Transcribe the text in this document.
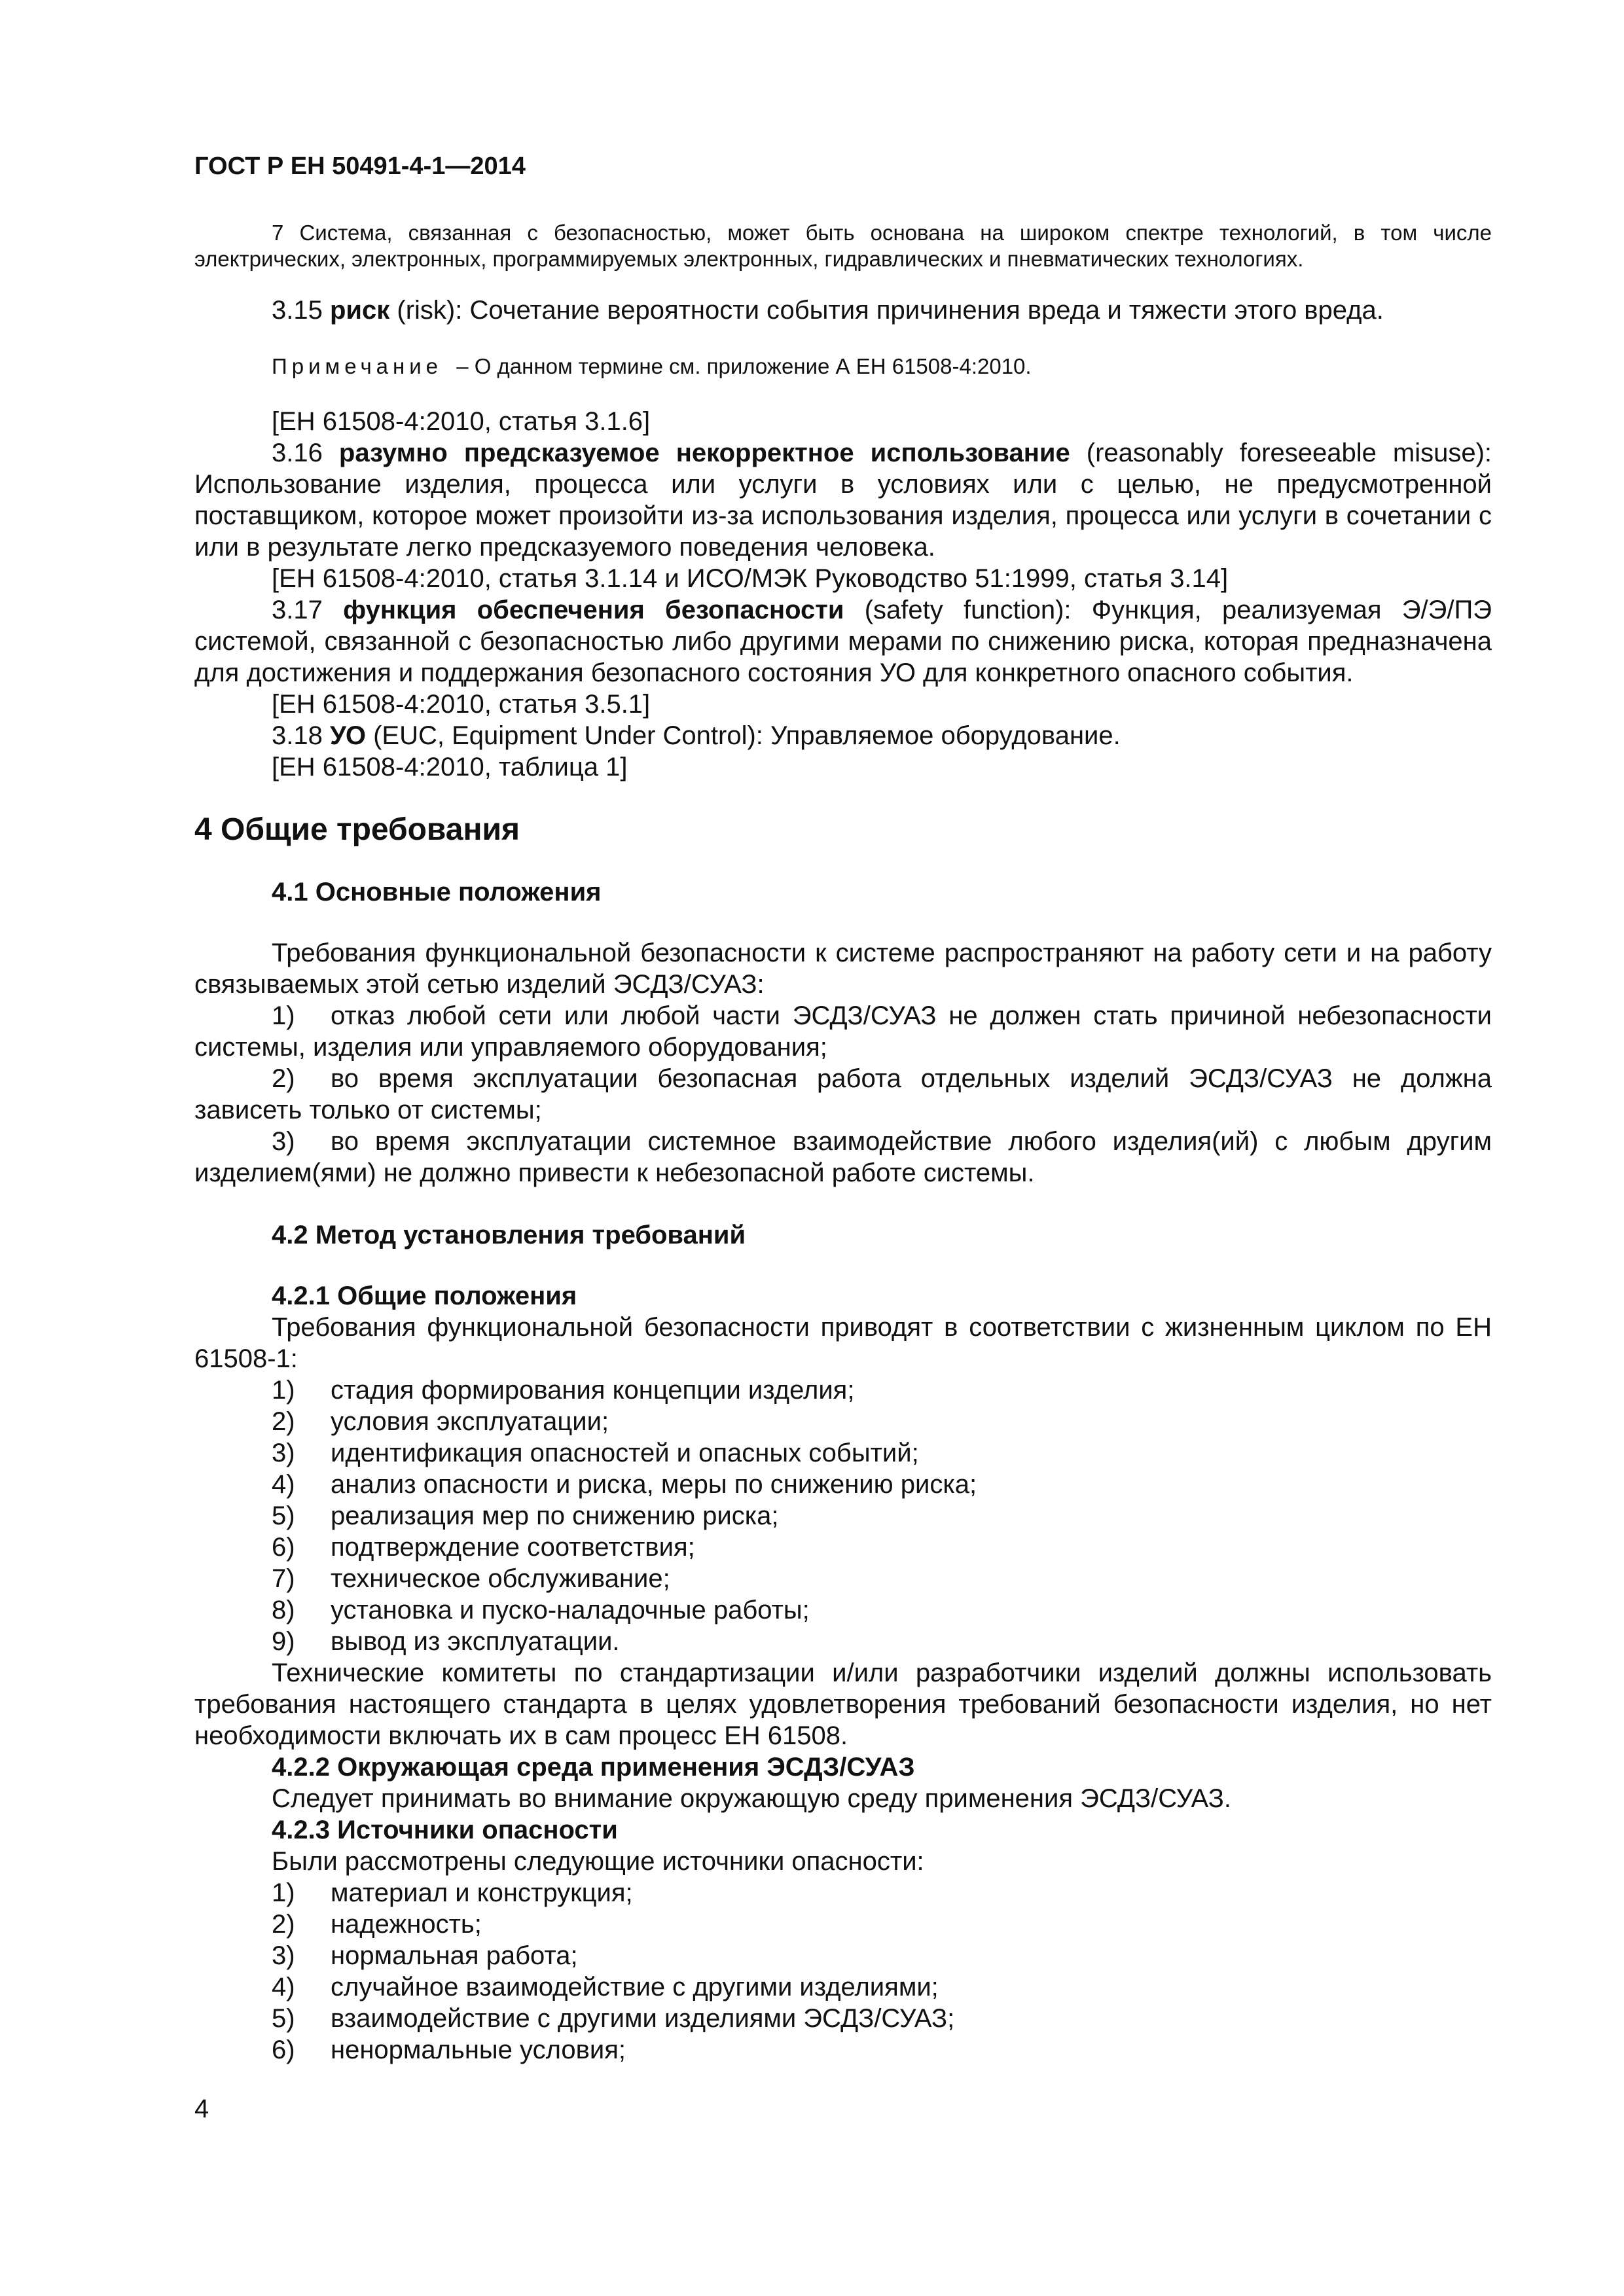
ГОСТ Р ЕН 50491-4-1—2014

7 Система, связанная с безопасностью, может быть основана на широком спектре технологий, в том числе электрических, электронных, программируемых электронных, гидравлических и пневматических технологиях.

3.15 риск (risk): Сочетание вероятности события причинения вреда и тяжести этого вреда.

Примечание – О данном термине см. приложение А ЕН 61508-4:2010.

[ЕН 61508-4:2010, статья 3.1.6]

3.16 разумно предсказуемое некорректное использование (reasonably foreseeable misuse): Использование изделия, процесса или услуги в условиях или с целью, не предусмотренной поставщиком, которое может произойти из-за использования изделия, процесса или услуги в сочетании с или в результате легко предсказуемого поведения человека.

[ЕН 61508-4:2010, статья 3.1.14 и ИСО/МЭК Руководство 51:1999, статья 3.14]

3.17 функция обеспечения безопасности (safety function): Функция, реализуемая Э/Э/ПЭ системой, связанной с безопасностью либо другими мерами по снижению риска, которая предназначена для достижения и поддержания безопасного состояния УО для конкретного опасного события.

[ЕН 61508-4:2010, статья 3.5.1]

3.18 УО (EUC, Equipment Under Control): Управляемое оборудование.

[ЕН 61508-4:2010, таблица 1]

4 Общие требования
4.1 Основные положения

Требования функциональной безопасности к системе распространяют на работу сети и на работу связываемых этой сетью изделий ЭСДЗ/СУАЗ:

1) отказ любой сети или любой части ЭСДЗ/СУАЗ не должен стать причиной небезопасности системы, изделия или управляемого оборудования;

2) во время эксплуатации безопасная работа отдельных изделий ЭСДЗ/СУАЗ не должна зависеть только от системы;

3) во время эксплуатации системное взаимодействие любого изделия(ий) с любым другим изделием(ями) не должно привести к небезопасной работе системы.

4.2 Метод установления требований
4.2.1 Общие положения

Требования функциональной безопасности приводят в соответствии с жизненным циклом по ЕН 61508-1:

1) стадия формирования концепции изделия;
2) условия эксплуатации;
3) идентификация опасностей и опасных событий;
4) анализ опасности и риска, меры по снижению риска;
5) реализация мер по снижению риска;
6) подтверждение соответствия;
7) техническое обслуживание;
8) установка и пуско-наладочные работы;
9) вывод из эксплуатации.

Технические комитеты по стандартизации и/или разработчики изделий должны использовать требования настоящего стандарта в целях удовлетворения требований безопасности изделия, но нет необходимости включать их в сам процесс ЕН 61508.

4.2.2 Окружающая среда применения ЭСДЗ/СУАЗ

Следует принимать во внимание окружающую среду применения ЭСДЗ/СУАЗ.

4.2.3 Источники опасности

Были рассмотрены следующие источники опасности:

1) материал и конструкция;
2) надежность;
3) нормальная работа;
4) случайное взаимодействие с другими изделиями;
5) взаимодействие с другими изделиями ЭСДЗ/СУАЗ;
6) ненормальные условия;
4
